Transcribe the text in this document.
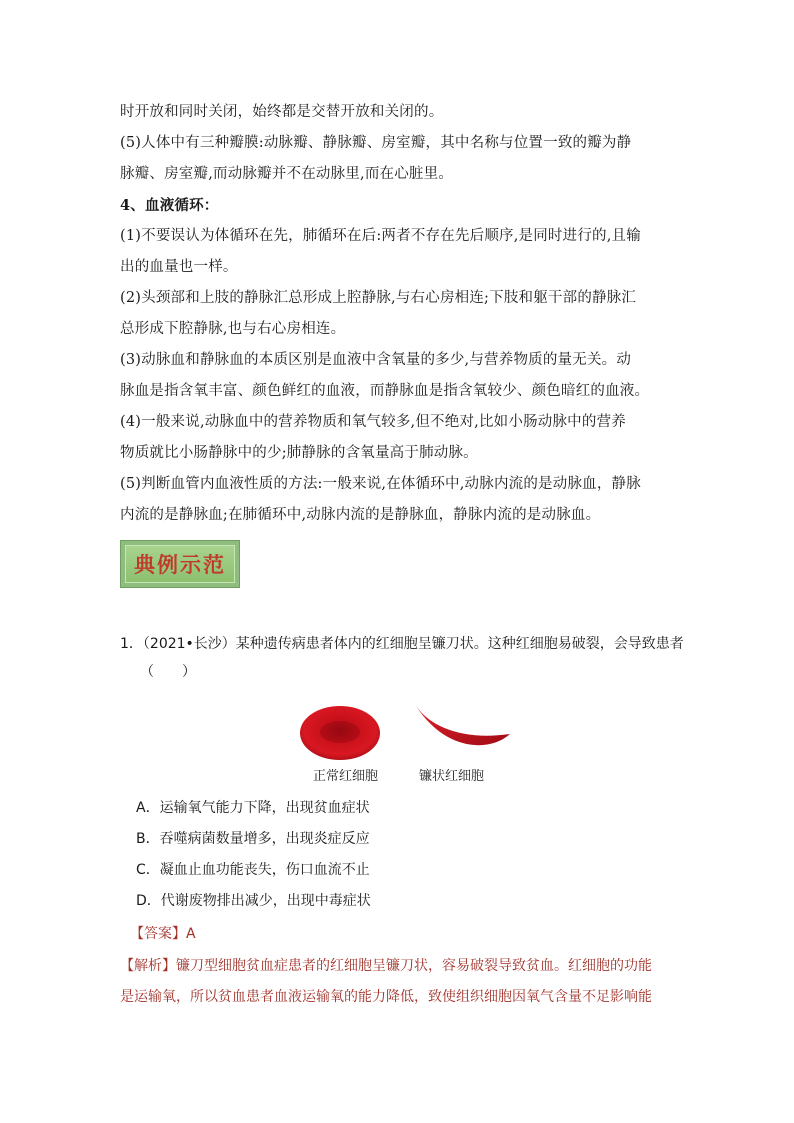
时开放和同时关闭，始终都是交替开放和关闭的。
(5)人体中有三种瓣膜:动脉瓣、静脉瓣、房室瓣，其中名称与位置一致的瓣为静
脉瓣、房室瓣,而动脉瓣并不在动脉里,而在心脏里。
4、血液循环：
(1)不要误认为体循环在先，肺循环在后:两者不存在先后顺序,是同时进行的,且输
出的血量也一样。
(2)头颈部和上肢的静脉汇总形成上腔静脉,与右心房相连;下肢和躯干部的静脉汇
总形成下腔静脉,也与右心房相连。
(3)动脉血和静脉血的本质区别是血液中含氧量的多少,与营养物质的量无关。动
脉血是指含氧丰富、颜色鲜红的血液，而静脉血是指含氧较少、颜色暗红的血液。
(4)一般来说,动脉血中的营养物质和氧气较多,但不绝对,比如小肠动脉中的营养
物质就比小肠静脉中的少;肺静脉的含氧量高于肺动脉。
(5)判断血管内血液性质的方法:一般来说,在体循环中,动脉内流的是动脉血，静脉
内流的是静脉血;在肺循环中,动脉内流的是静脉血，静脉内流的是动脉血。
典例示范
1．（2021•长沙）某种遗传病患者体内的红细胞呈镰刀状。这种红细胞易破裂，会导致患者
（　　）
正常红细胞	镰状红细胞
A．运输氧气能力下降，出现贫血症状
B．吞噬病菌数量增多，出现炎症反应
C．凝血止血功能丧失，伤口血流不止
D．代谢废物排出减少，出现中毒症状
【答案】A
【解析】镰刀型细胞贫血症患者的红细胞呈镰刀状，容易破裂导致贫血。红细胞的功能
是运输氧，所以贫血患者血液运输氧的能力降低，致使组织细胞因氧气含量不足影响能
